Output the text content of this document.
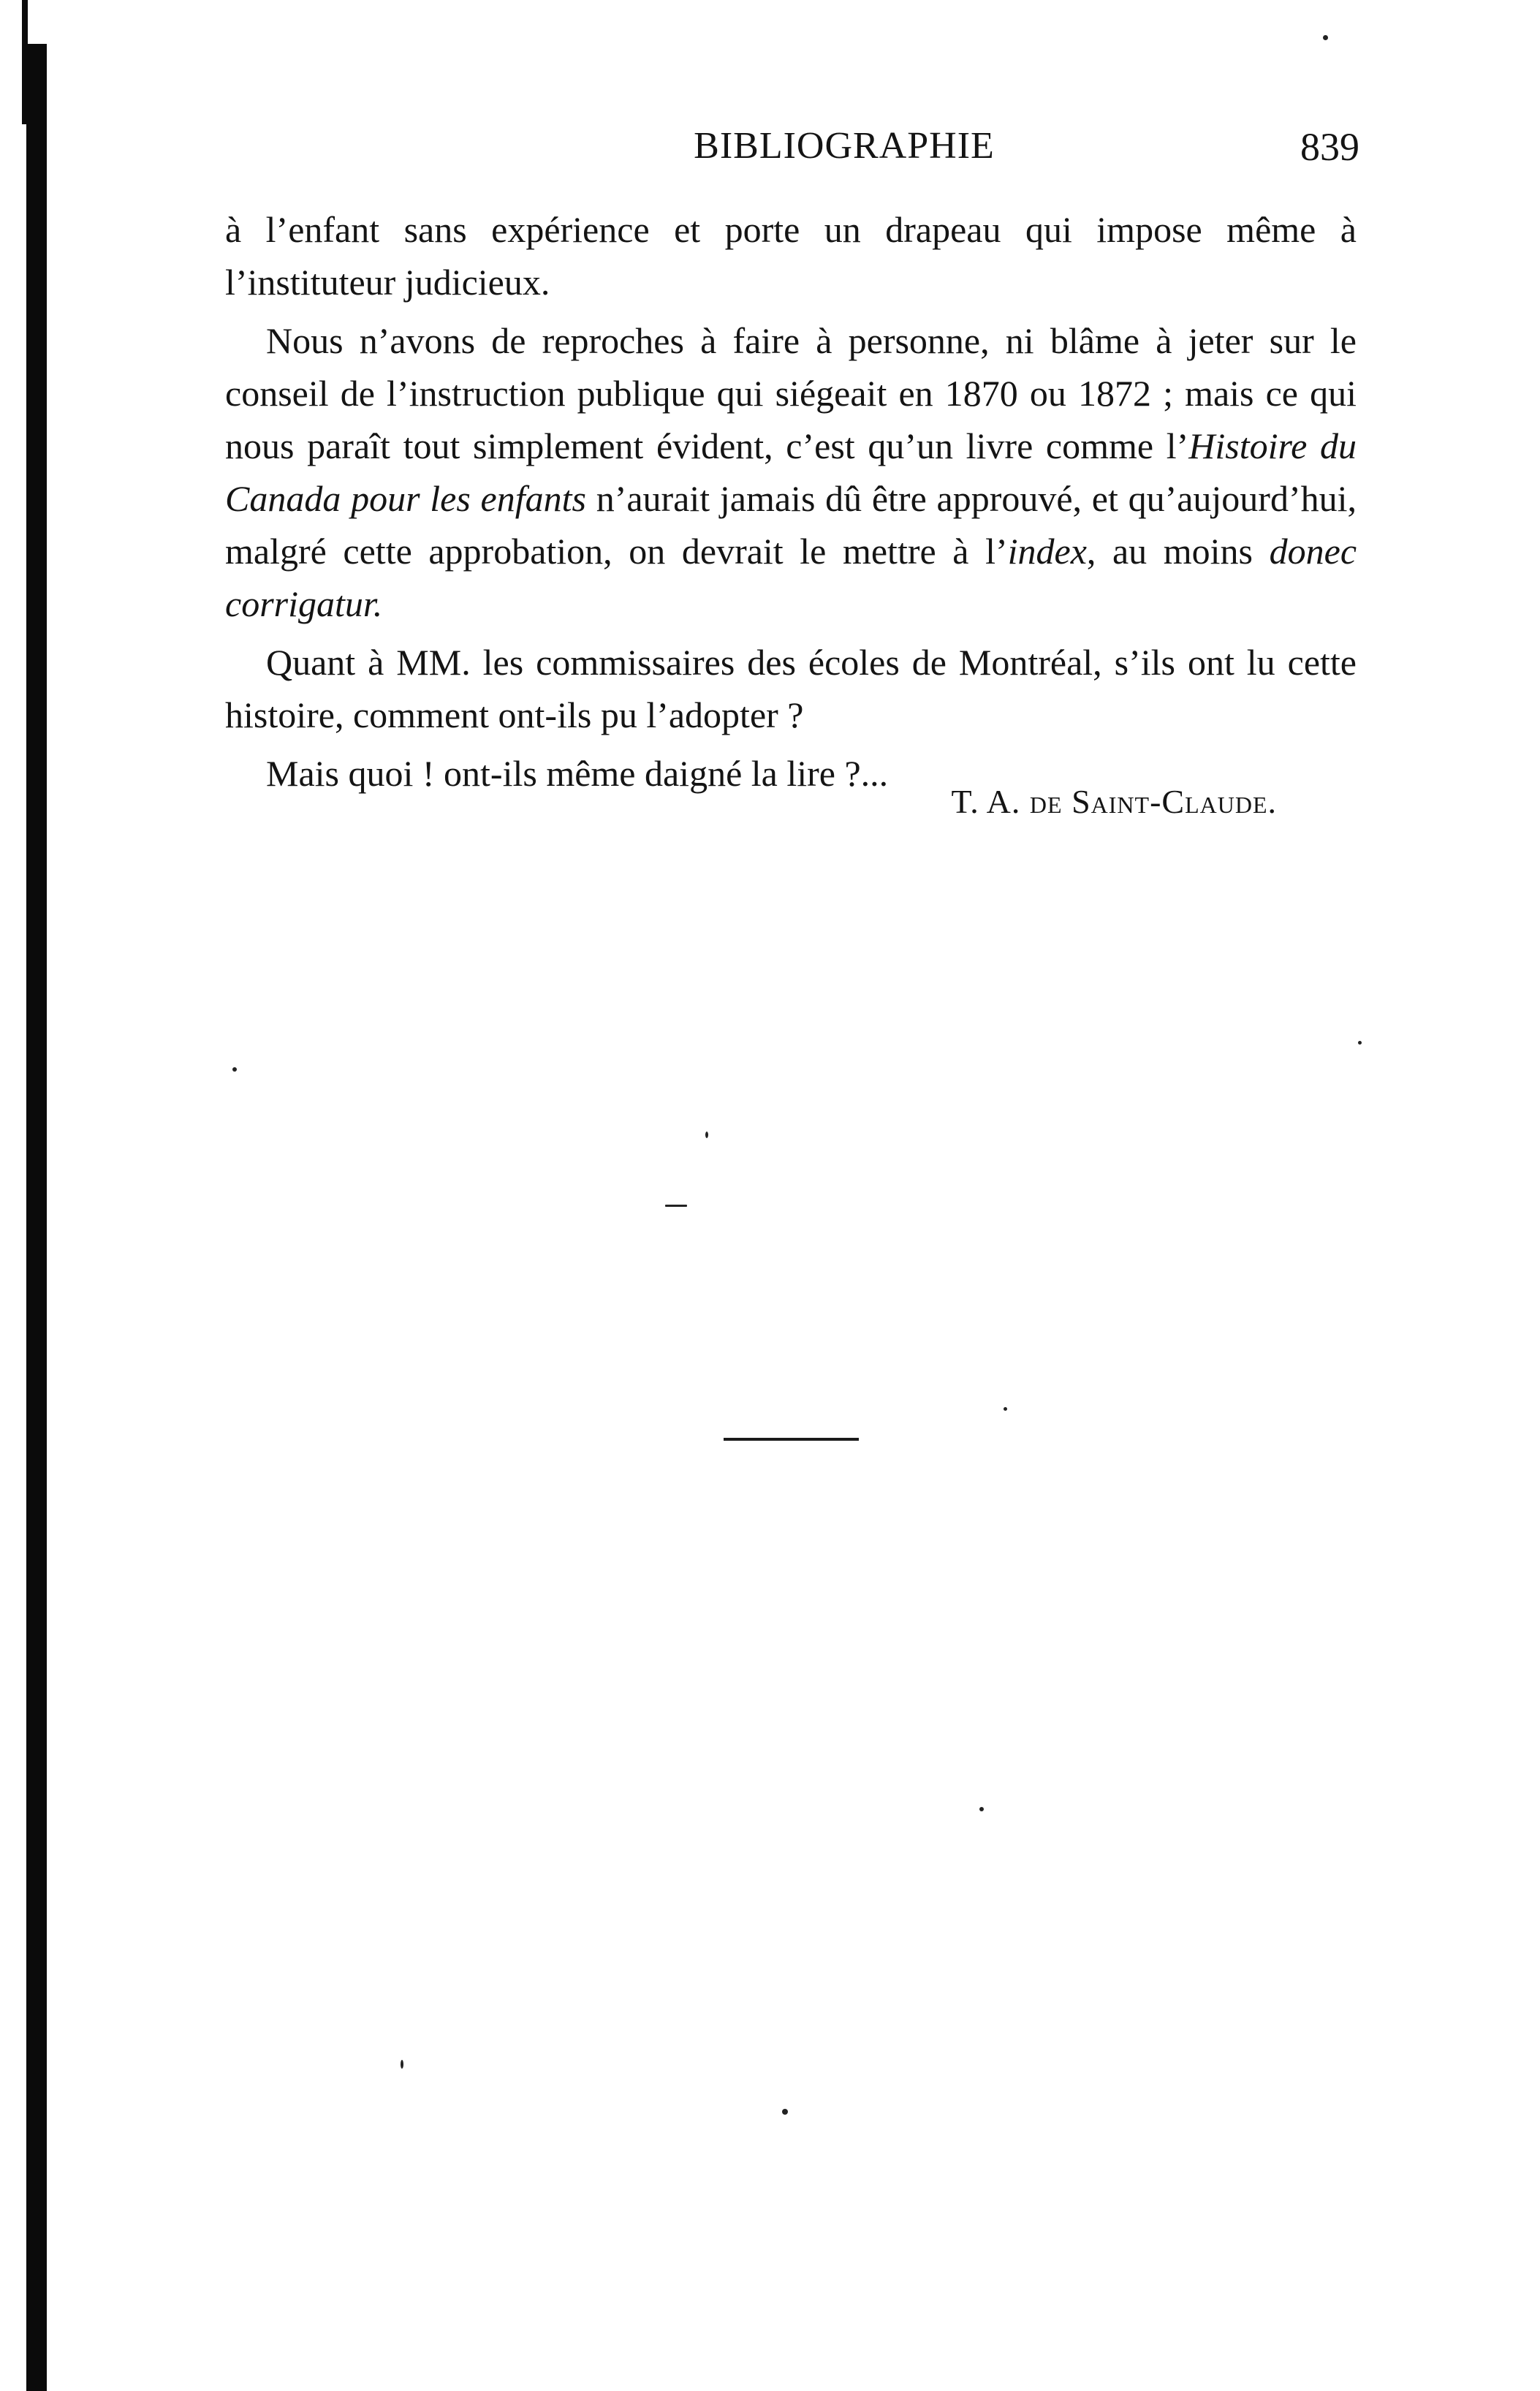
BIBLIOGRAPHIE	839

à l’enfant sans expérience et porte un drapeau qui impose même à l’instituteur judicieux.

Nous n’avons de reproches à faire à personne, ni blâme à jeter sur le conseil de l’instruction publique qui siégeait en 1870 ou 1872 ; mais ce qui nous paraît tout simplement évident, c’est qu’un livre comme l’Histoire du Canada pour les enfants n’aurait jamais dû être approuvé, et qu’aujourd’hui, malgré cette approbation, on devrait le mettre à l’index, au moins donec corrigatur.

Quant à MM. les commissaires des écoles de Montréal, s’ils ont lu cette histoire, comment ont-ils pu l’adopter ?

Mais quoi ! ont-ils même daigné la lire ?...

T. A. de Saint-Claude.
